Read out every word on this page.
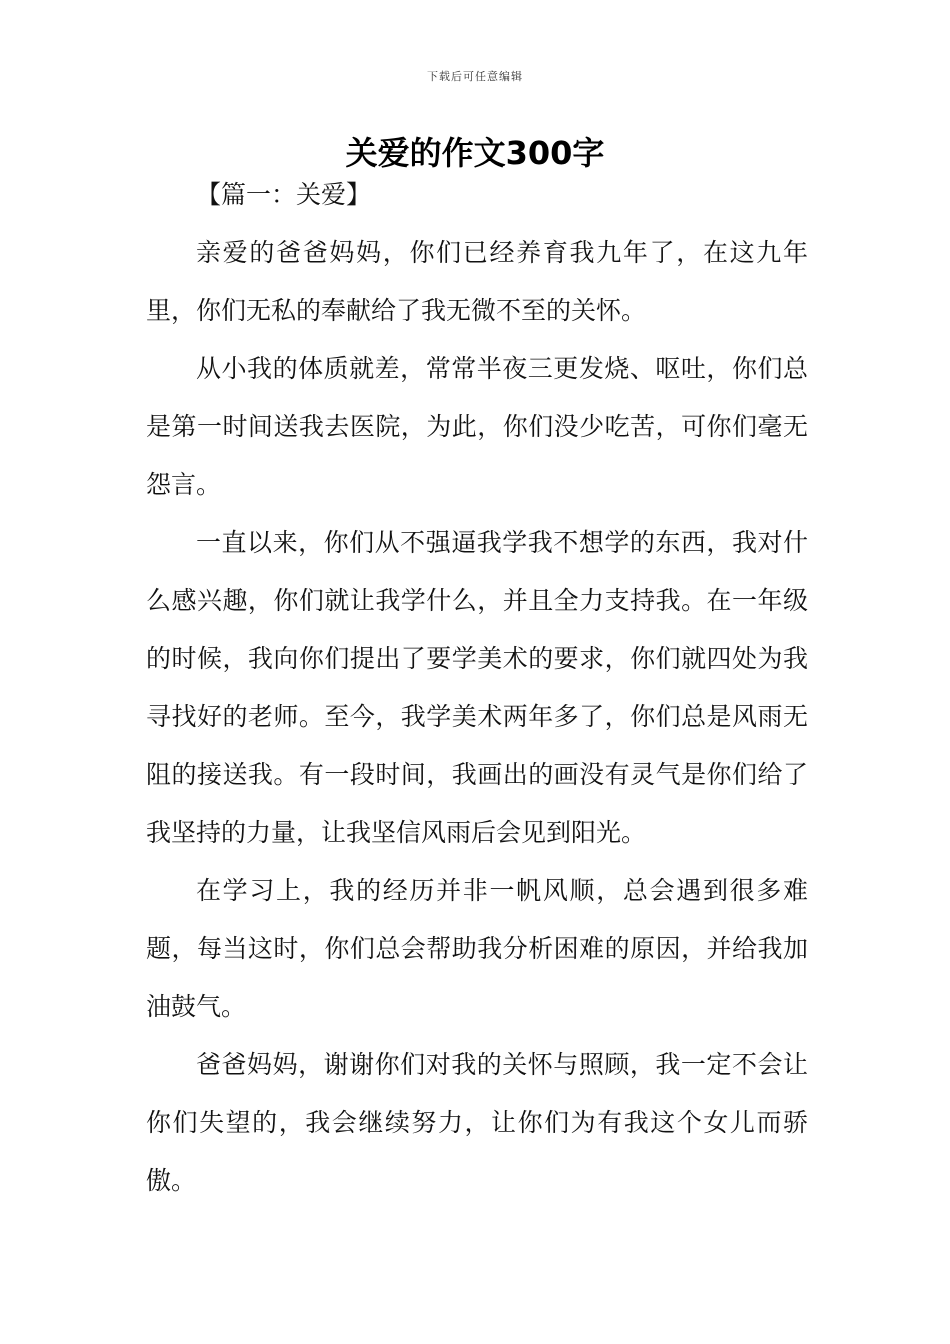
下载后可任意编辑
关爱的作文300字

【篇一：关爱】

亲爱的爸爸妈妈，你们已经养育我九年了，在这九年里，你们无私的奉献给了我无微不至的关怀。

从小我的体质就差，常常半夜三更发烧、呕吐，你们总是第一时间送我去医院，为此，你们没少吃苦，可你们毫无怨言。

一直以来，你们从不强逼我学我不想学的东西，我对什么感兴趣，你们就让我学什么，并且全力支持我。在一年级的时候，我向你们提出了要学美术的要求，你们就四处为我寻找好的老师。至今，我学美术两年多了，你们总是风雨无阻的接送我。有一段时间，我画出的画没有灵气是你们给了我坚持的力量，让我坚信风雨后会见到阳光。

在学习上，我的经历并非一帆风顺，总会遇到很多难题，每当这时，你们总会帮助我分析困难的原因，并给我加油鼓气。

爸爸妈妈，谢谢你们对我的关怀与照顾，我一定不会让你们失望的，我会继续努力，让你们为有我这个女儿而骄傲。
